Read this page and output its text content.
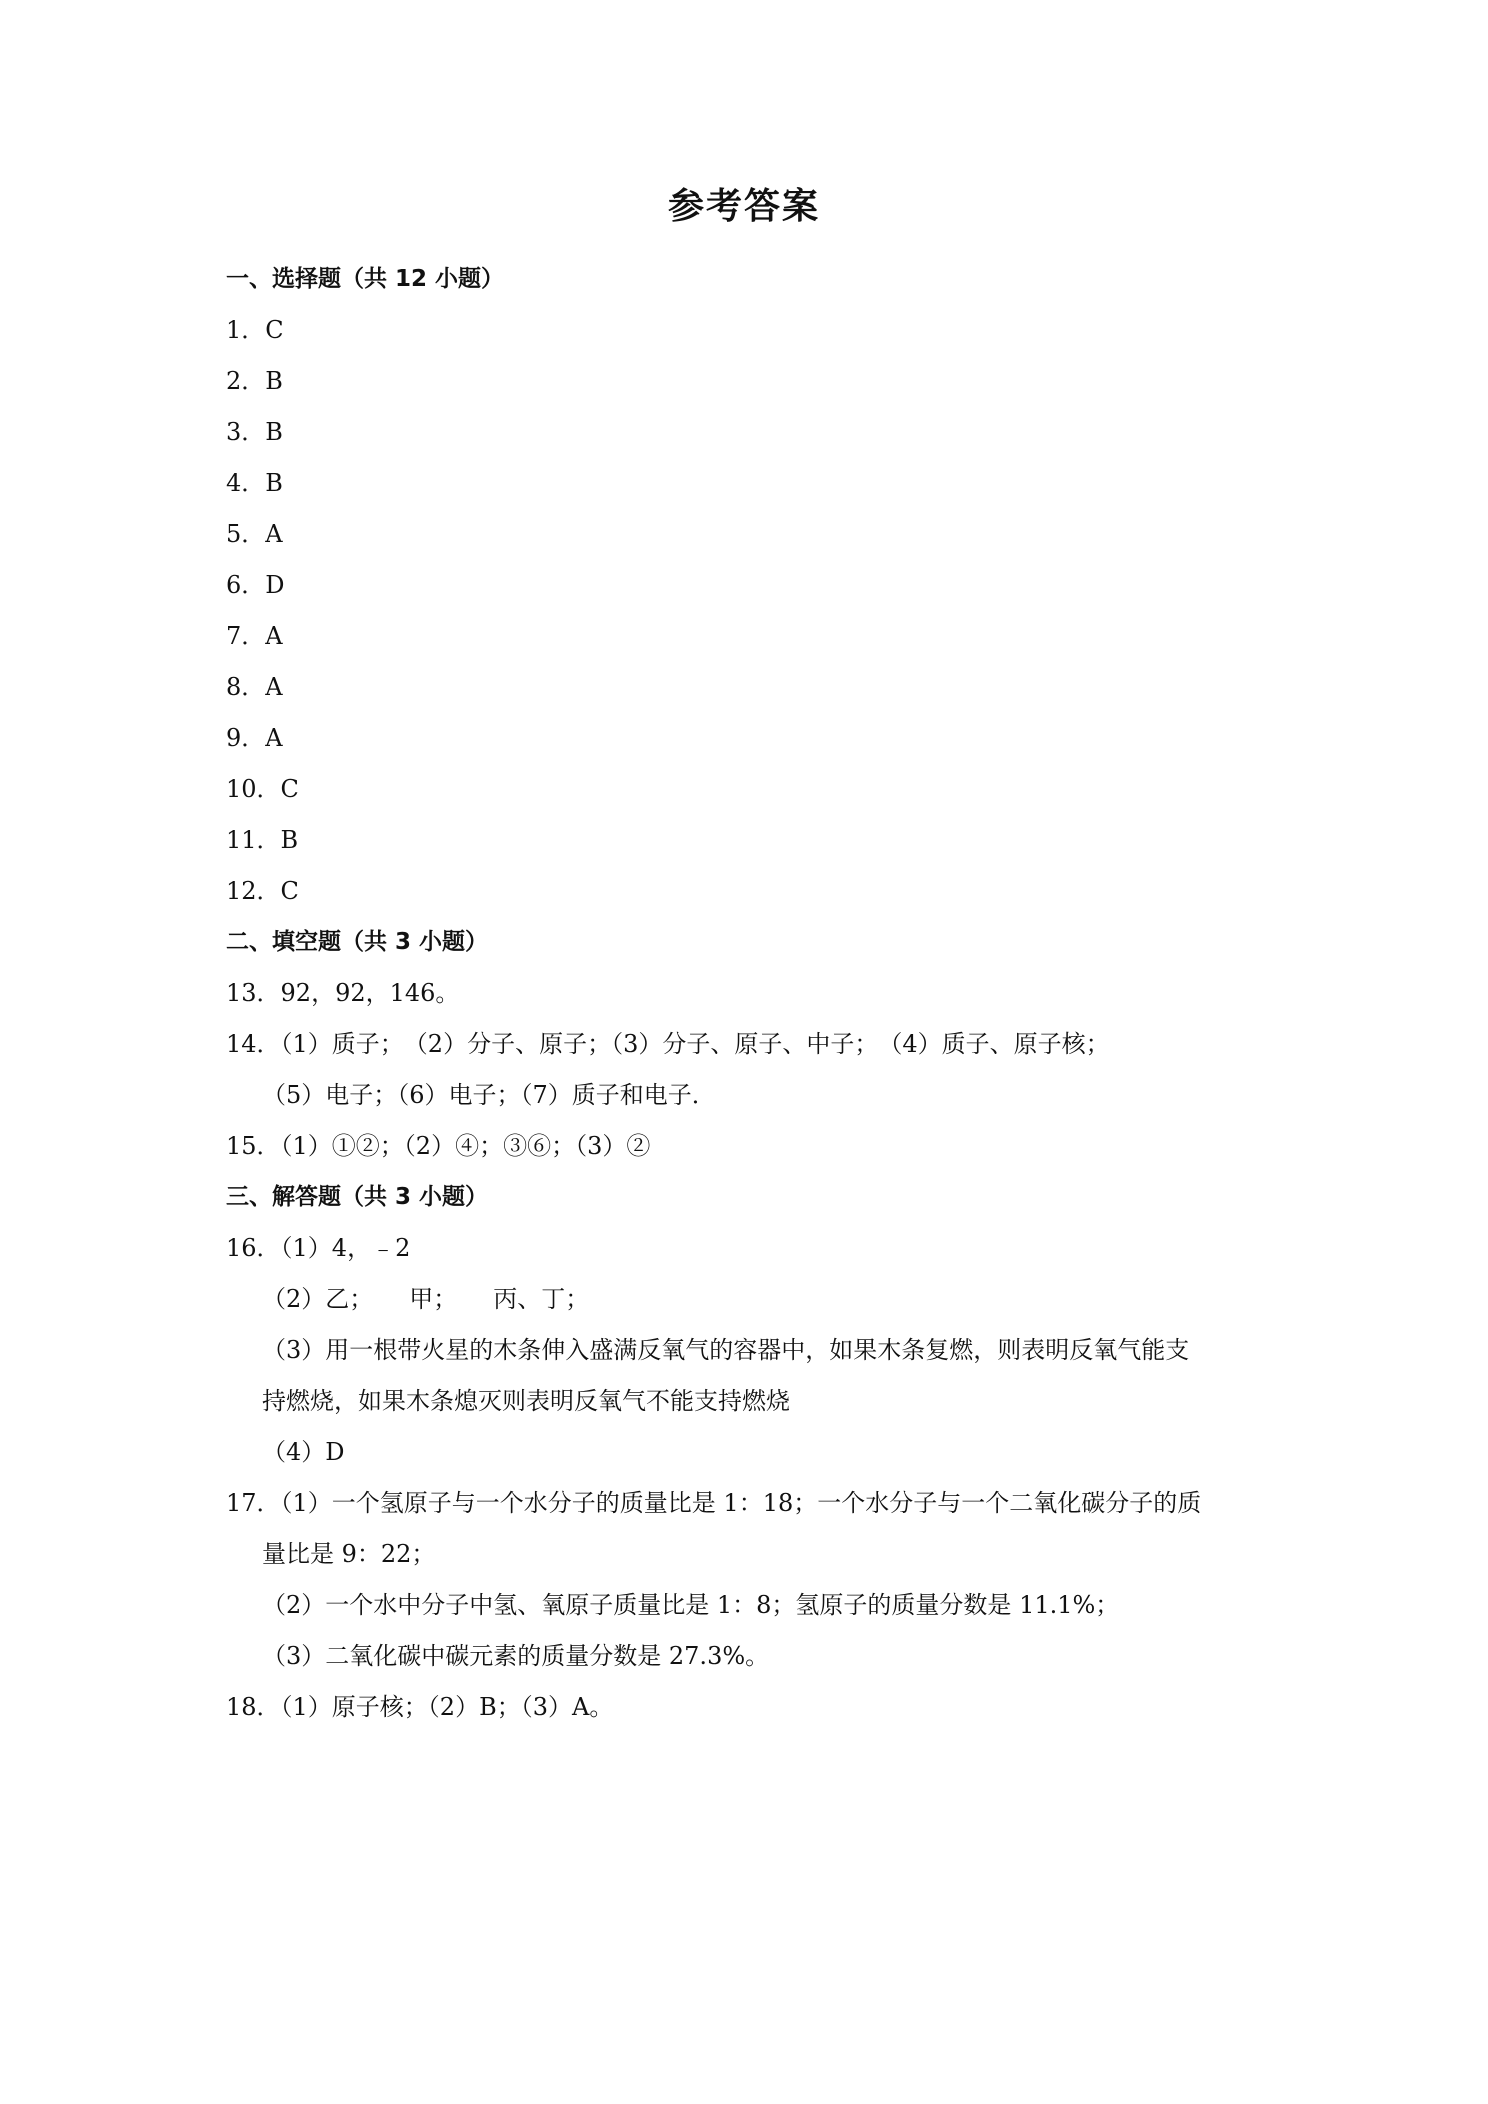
参考答案
一、选择题（共 12 小题）
1．C
2．B
3．B
4．B
5．A
6．D
7．A
8．A
9．A
10．C
11．B
12．C
二、填空题（共 3 小题）
13．92，92，146。
14．（1）质子；　（2）分子、原子；（3）分子、原子、中子；　（4）质子、原子核；
（5）电子；（6）电子；（7）质子和电子．
15．（1）①②；（2）④；③⑥；（3）②
三、解答题（共 3 小题）
16．（1）4，﹣2
（2）乙；　　甲；　　丙、丁；
（3）用一根带火星的木条伸入盛满反氧气的容器中，如果木条复燃，则表明反氧气能支
持燃烧，如果木条熄灭则表明反氧气不能支持燃烧
（4）D
17．（1）一个氢原子与一个水分子的质量比是 1：18；一个水分子与一个二氧化碳分子的质
量比是 9：22；
（2）一个水中分子中氢、氧原子质量比是 1：8；氢原子的质量分数是 11.1%；
（3）二氧化碳中碳元素的质量分数是 27.3%。
18．（1）原子核；（2）B；（3）A。
